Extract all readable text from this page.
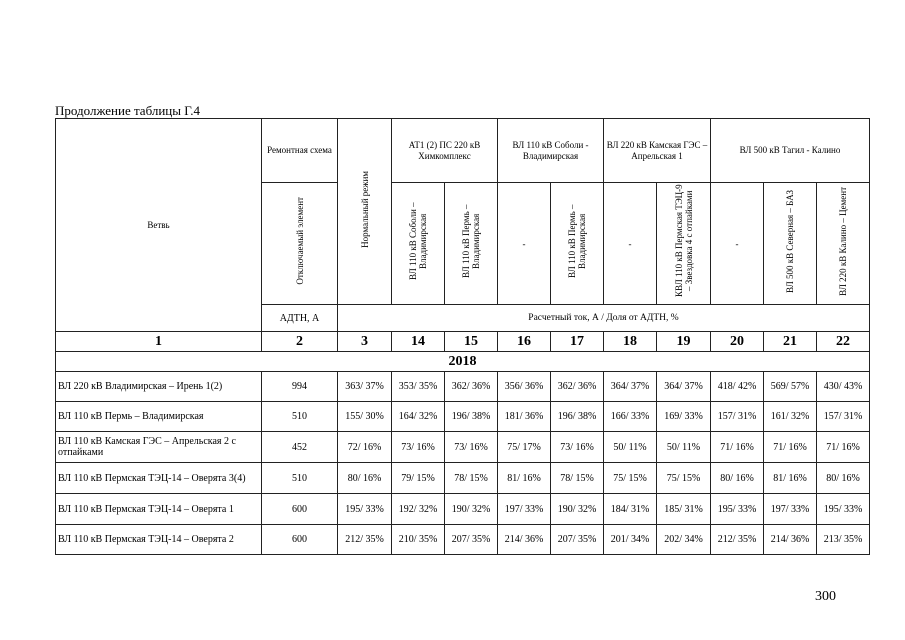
Продолжение таблицы Г.4
Ветвь	Ремонтная схема	Нормальный режим	АТ1 (2) ПС 220 кВ Химкомплекс		ВЛ 110 кВ Соболи - Владимирская		ВЛ 220 кВ Камская ГЭС – Апрельская 1		ВЛ 500 кВ Тагил - Калино		
	Отключаемый элемент		ВЛ 110 кВ Соболи – Владимирская	ВЛ 110 кВ Пермь – Владимирская	-	ВЛ 110 кВ Пермь – Владимирская	-	КВЛ 110 кВ Пермская ТЭЦ-9 – Звездовка 4 с отпайками	-	ВЛ 500 кВ Северная – БАЗ	ВЛ 220 кВ Калино – Цемент
	АДТН, А	Расчетный ток, А / Доля от АДТН, %									
1	2	3	14	15	16	17	18	19	20	21	22
2018											
ВЛ 220 кВ Владимирская – Ирень 1(2)	994	363/ 37%	353/ 35%	362/ 36%	356/ 36%	362/ 36%	364/ 37%	364/ 37%	418/ 42%	569/ 57%	430/ 43%
ВЛ 110 кВ Пермь – Владимирская	510	155/ 30%	164/ 32%	196/ 38%	181/ 36%	196/ 38%	166/ 33%	169/ 33%	157/ 31%	161/ 32%	157/ 31%
ВЛ 110 кВ Камская ГЭС – Апрельская 2 с отпайками	452	72/ 16%	73/ 16%	73/ 16%	75/ 17%	73/ 16%	50/ 11%	50/ 11%	71/ 16%	71/ 16%	71/ 16%
ВЛ 110 кВ Пермская ТЭЦ-14 – Оверята 3(4)	510	80/ 16%	79/ 15%	78/ 15%	81/ 16%	78/ 15%	75/ 15%	75/ 15%	80/ 16%	81/ 16%	80/ 16%
ВЛ 110 кВ Пермская ТЭЦ-14 – Оверята 1	600	195/ 33%	192/ 32%	190/ 32%	197/ 33%	190/ 32%	184/ 31%	185/ 31%	195/ 33%	197/ 33%	195/ 33%
ВЛ 110 кВ Пермская ТЭЦ-14 – Оверята 2	600	212/ 35%	210/ 35%	207/ 35%	214/ 36%	207/ 35%	201/ 34%	202/ 34%	212/ 35%	214/ 36%	213/ 35%
300
